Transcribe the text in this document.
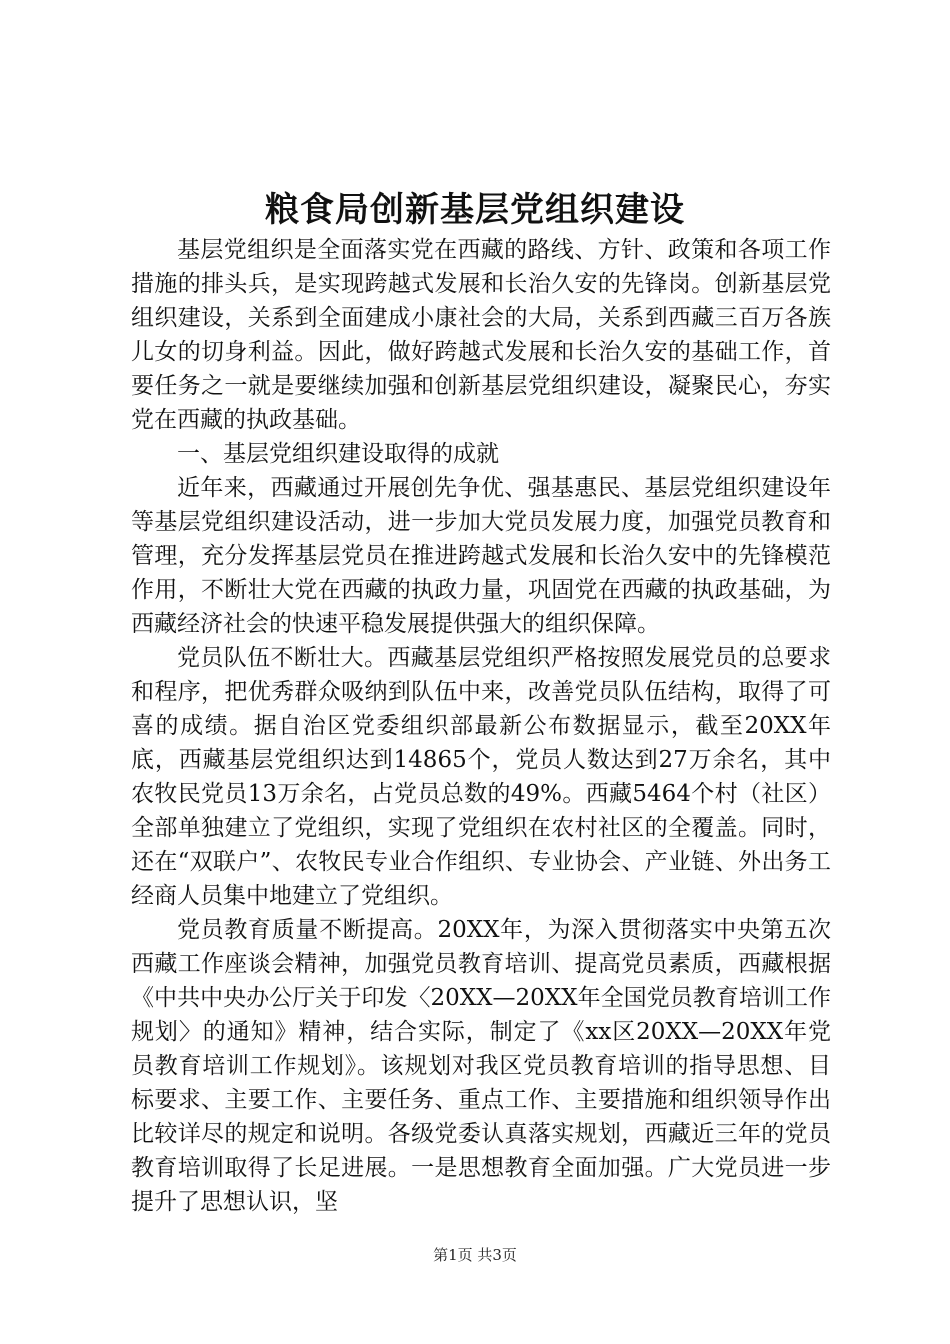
粮食局创新基层党组织建设

基层党组织是全面落实党在西藏的路线、方针、政策和各项工作措施的排头兵，是实现跨越式发展和长治久安的先锋岗。创新基层党组织建设，关系到全面建成小康社会的大局，关系到西藏三百万各族儿女的切身利益。因此，做好跨越式发展和长治久安的基础工作，首要任务之一就是要继续加强和创新基层党组织建设，凝聚民心，夯实党在西藏的执政基础。

一、基层党组织建设取得的成就

近年来，西藏通过开展创先争优、强基惠民、基层党组织建设年等基层党组织建设活动，进一步加大党员发展力度，加强党员教育和管理，充分发挥基层党员在推进跨越式发展和长治久安中的先锋模范作用，不断壮大党在西藏的执政力量，巩固党在西藏的执政基础，为西藏经济社会的快速平稳发展提供强大的组织保障。

党员队伍不断壮大。西藏基层党组织严格按照发展党员的总要求和程序，把优秀群众吸纳到队伍中来，改善党员队伍结构，取得了可喜的成绩。据自治区党委组织部最新公布数据显示，截至20XX年底，西藏基层党组织达到14865个，党员人数达到27万余名，其中农牧民党员13万余名，占党员总数的49%。西藏5464个村（社区）全部单独建立了党组织，实现了党组织在农村社区的全覆盖。同时，还在“双联户”、农牧民专业合作组织、专业协会、产业链、外出务工经商人员集中地建立了党组织。

党员教育质量不断提高。20XX年，为深入贯彻落实中央第五次西藏工作座谈会精神，加强党员教育培训、提高党员素质，西藏根据《中共中央办公厅关于印发〈20XX—20XX年全国党员教育培训工作规划〉的通知》精神，结合实际，制定了《xx区20XX—20XX年党员教育培训工作规划》。该规划对我区党员教育培训的指导思想、目标要求、主要工作、主要任务、重点工作、主要措施和组织领导作出比较详尽的规定和说明。各级党委认真落实规划，西藏近三年的党员教育培训取得了长足进展。一是思想教育全面加强。广大党员进一步提升了思想认识，坚

第1页 共3页
